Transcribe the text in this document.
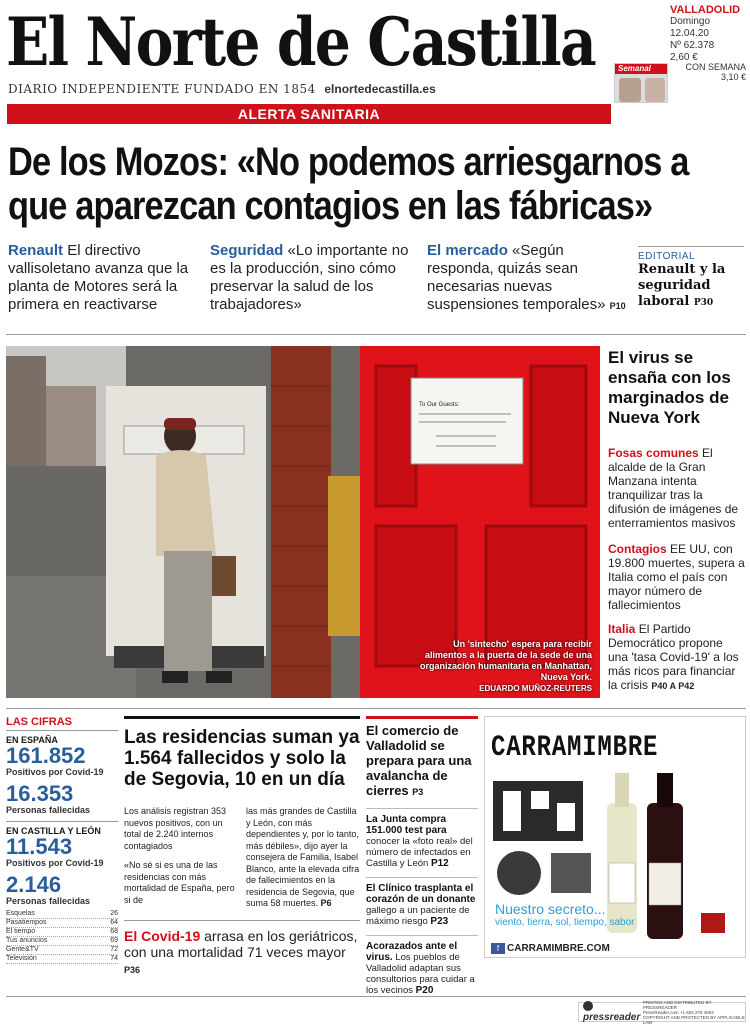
El Norte de Castilla
DIARIO INDEPENDIENTE FUNDADO EN 1854 elnortedecastilla.es
VALLADOLID
Domingo
12.04.20
Nº 62.378
2,60 €
Semanal	CON SEMANA
3,10 €
ALERTA SANITARIA
De los Mozos: «No podemos arriesgarnos a que aparezcan contagios en las fábricas»
Renault El directivo vallisoletano avanza que la planta de Motores será la primera en reactivarse
Seguridad «Lo importante no es la producción, sino cómo preservar la salud de los trabajadores»
El mercado «Según responda, quizás sean necesarias nuevas suspensiones temporales» P10
EDITORIAL
Renault y la seguridad laboral P30
To Our Guests:
Un 'sintecho' espera para recibir alimentos a la puerta de la sede de una organización humanitaria en Manhattan, Nueva York.
EDUARDO MUÑOZ-REUTERS
El virus se ensaña con los marginados de Nueva York
Fosas comunes El alcalde de la Gran Manzana intenta tranquilizar tras la difusión de imágenes de enterramientos masivos
Contagios EE UU, con 19.800 muertes, supera a Italia como el país con mayor número de fallecimientos
Italia El Partido Democrático propone una 'tasa Covid-19' a los más ricos para financiar la crisis P40 A P42
LAS CIFRAS
EN ESPAÑA
161.852
Positivos por Covid-19
16.353
Personas fallecidas
EN CASTILLA Y LEÓN
11.543
Positivos por Covid-19
2.146
Personas fallecidas
Esquelas	26
Pasatiempos	64
El tiempo	68
Tus anuncios	69
Gente&TV	72
Televisión	74
Las residencias suman ya 1.564 fallecidos y solo la de Segovia, 10 en un día

Los análisis registran 353 nuevos positivos, con un total de 2.240 internos contagiados

«No sé si es una de las residencias con más mortalidad de España, pero si de

las más grandes de Castilla y León, con más dependientes y, por lo tanto, más débiles», dijo ayer la consejera de Familia, Isabel Blanco, ante la elevada cifra de fallecimientos en la residencia de Segovia, que suma 58 muertes. P6
El Covid-19 arrasa en los geriátricos, con una mortalidad 71 veces mayor P36
El comercio de Valladolid se prepara para una avalancha de cierres P3
La Junta compra 151.000 test para conocer la «foto real» del número de infectados en Castilla y León P12
El Clínico trasplanta el corazón de un donante gallego a un paciente de máximo riesgo P23
Acorazados ante el virus. Los pueblos de Valladolid adaptan sus consultorios para cuidar a los vecinos P20
CARRAMIMBRE
Nuestro secreto...
viento, tierra, sol, tiempo, sabor
f CARRAMIMBRE.COM
pressreader
PRINTED AND DISTRIBUTED BY PRESSREADER
PressReader.com +1 604 278 4604
COPYRIGHT AND PROTECTED BY APPLICABLE LAW
